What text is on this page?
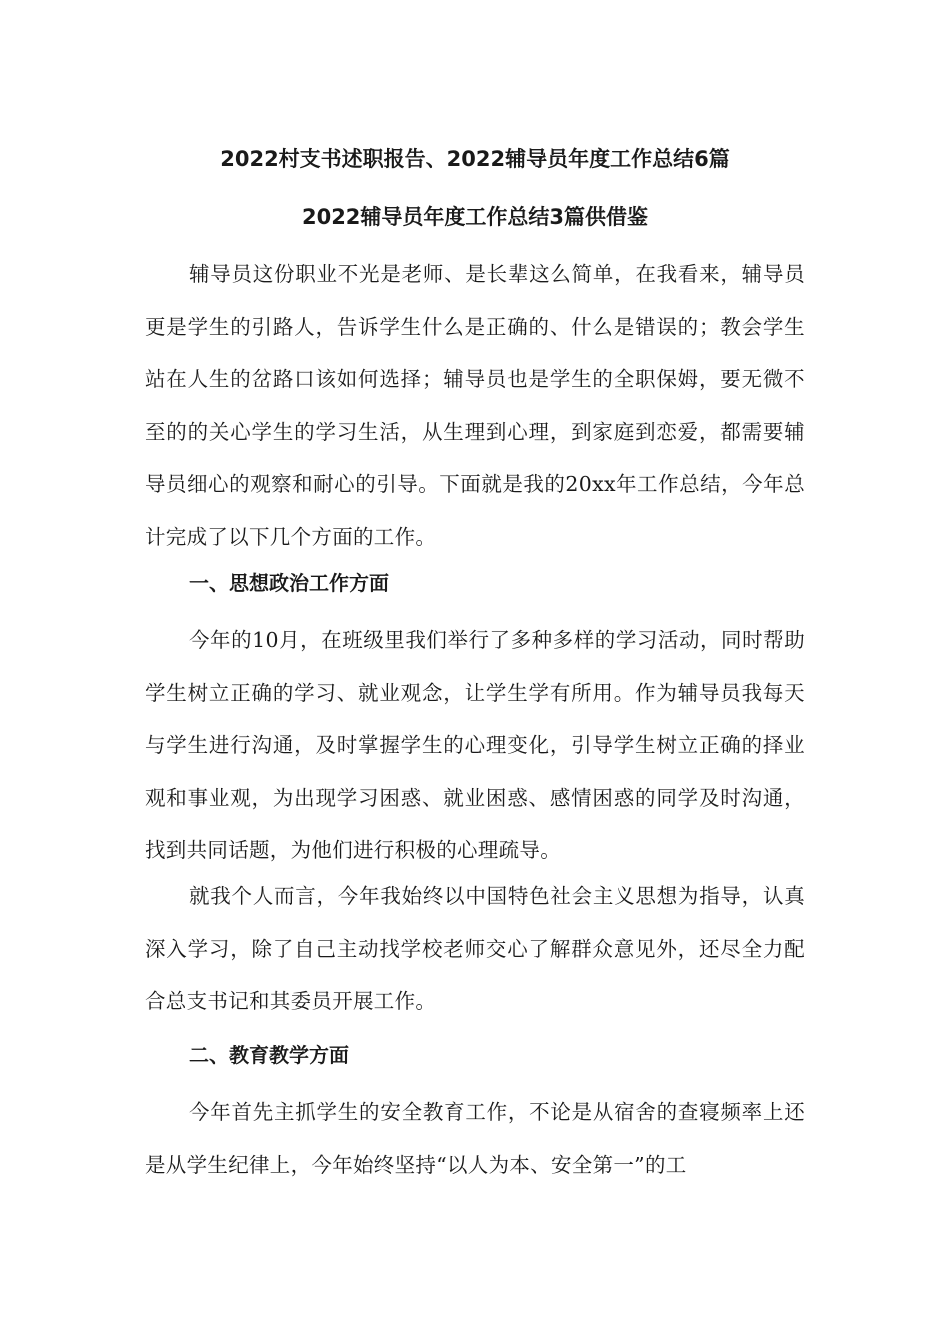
2022村支书述职报告、2022辅导员年度工作总结6篇
2022辅导员年度工作总结3篇供借鉴

辅导员这份职业不光是老师、是长辈这么简单，在我看来，辅导员更是学生的引路人，告诉学生什么是正确的、什么是错误的；教会学生站在人生的岔路口该如何选择；辅导员也是学生的全职保姆，要无微不至的的关心学生的学习生活，从生理到心理，到家庭到恋爱，都需要辅导员细心的观察和耐心的引导。下面就是我的20xx年工作总结，今年总计完成了以下几个方面的工作。

一、思想政治工作方面

今年的10月，在班级里我们举行了多种多样的学习活动，同时帮助学生树立正确的学习、就业观念，让学生学有所用。作为辅导员我每天与学生进行沟通，及时掌握学生的心理变化，引导学生树立正确的择业观和事业观，为出现学习困惑、就业困惑、感情困惑的同学及时沟通，找到共同话题，为他们进行积极的心理疏导。

就我个人而言，今年我始终以中国特色社会主义思想为指导，认真深入学习，除了自己主动找学校老师交心了解群众意见外，还尽全力配合总支书记和其委员开展工作。

二、教育教学方面

今年首先主抓学生的安全教育工作，不论是从宿舍的查寝频率上还是从学生纪律上，今年始终坚持“以人为本、安全第一”的工
